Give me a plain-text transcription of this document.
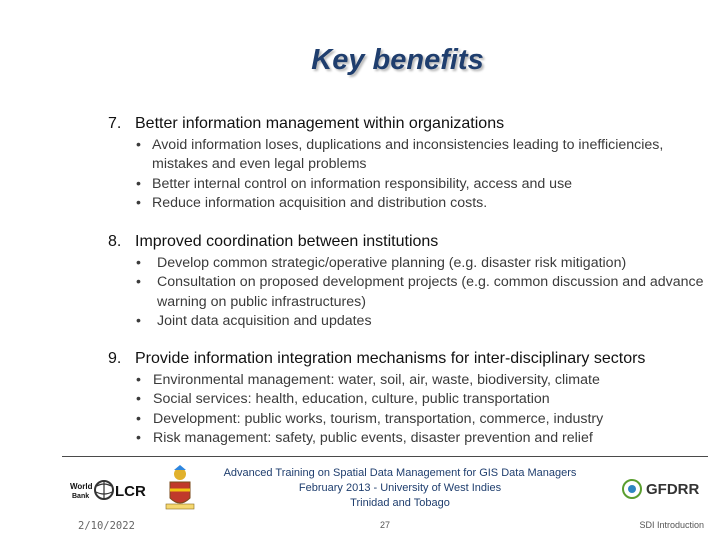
Key benefits
7. Better information management within organizations
• Avoid information loses, duplications and inconsistencies leading to inefficiencies, mistakes and even legal problems
• Better internal control on information responsibility, access and use
• Reduce information acquisition and distribution costs.
8. Improved coordination between institutions
• Develop common strategic/operative planning (e.g. disaster risk mitigation)
• Consultation on proposed development projects (e.g. common discussion and advance warning on public infrastructures)
• Joint data acquisition and updates
9. Provide information integration mechanisms for inter-disciplinary sectors
• Environmental management: water, soil, air, waste, biodiversity, climate
• Social services: health, education, culture, public transportation
• Development: public works, tourism, transportation, commerce, industry
• Risk management: safety, public events, disaster prevention and relief
World
Bank LCR
Advanced Training on Spatial Data Management for GIS Data Managers
February 2013 - University of West Indies
Trinidad and Tobago
GFDRR
2/10/2022	27	SDI Introduction
